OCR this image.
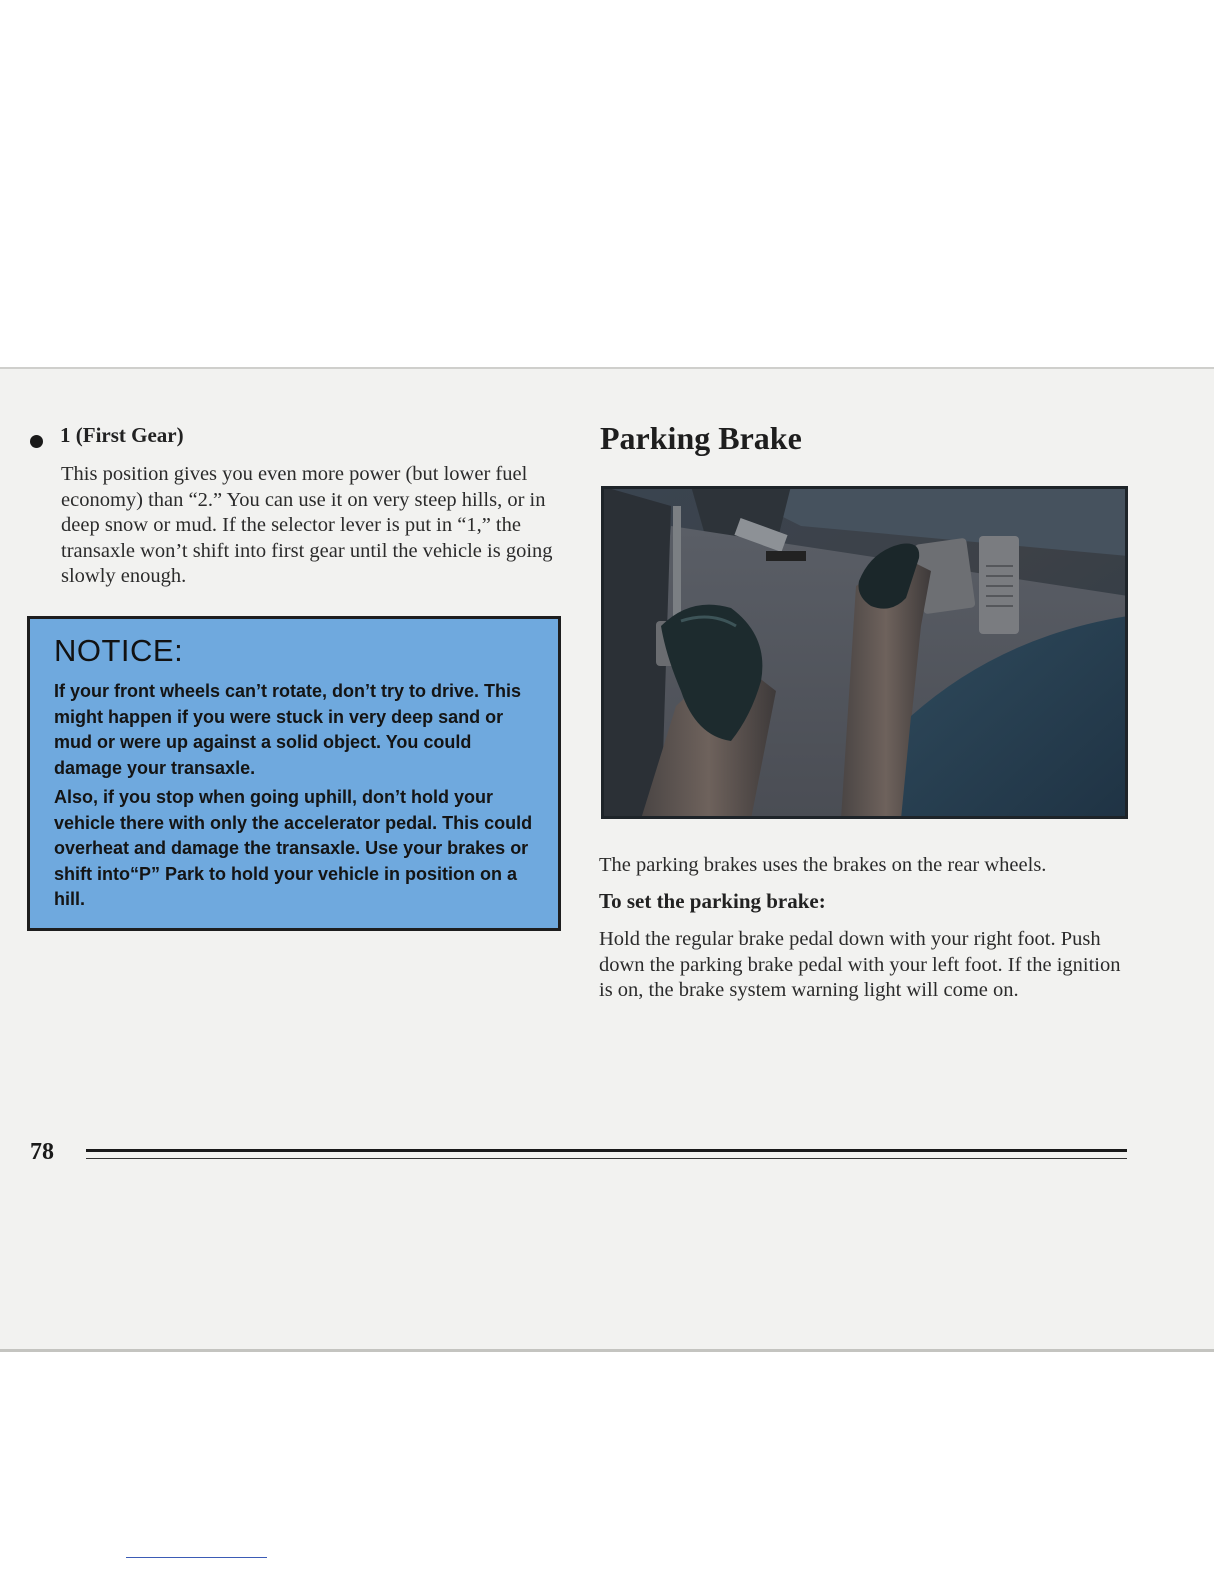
1 (First Gear)

This position gives you even more power (but lower fuel economy) than “2.” You can use it on very steep hills, or in deep snow or mud. If the selector lever is put in “1,” the transaxle won’t shift into first gear until the vehicle is going slowly enough.

NOTICE:

If your front wheels can’t rotate, don’t try to drive. This might happen if you were stuck in very deep sand or mud or were up against a solid object. You could damage your transaxle.

Also, if you stop when going uphill, don’t hold your vehicle there with only the accelerator pedal. This could overheat and damage the transaxle. Use your brakes or shift into“P” Park to hold your vehicle in position on a hill.

Parking Brake

The parking brakes uses the brakes on the rear wheels.

To set the parking brake:

Hold the regular brake pedal down with your right foot. Push down the parking brake pedal with your left foot. If the ignition is on, the brake system warning light will come on.

78
